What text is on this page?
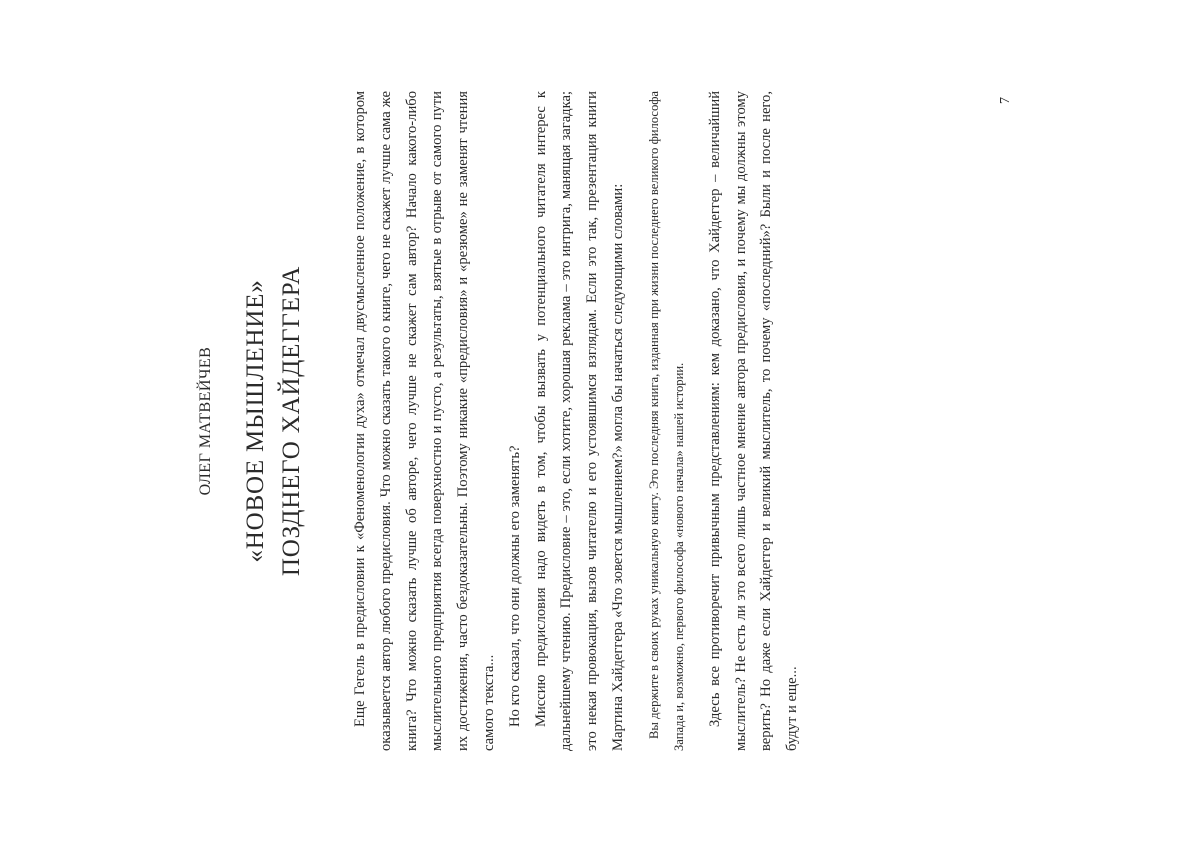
ОЛЕГ МАТВЕЙЧЕВ «НОВОЕ МЫШЛЕНИЕ» ПОЗДНЕГО ХАЙДЕГГЕРА	Еще Гегель в предисловии к «Феноменологии духа» отмечал двусмысленное положение, в котором оказывается автор любого предисловия. Что можно сказать такого о книге, чего не скажет лучше сама же книга? Что можно сказать лучше об авторе, чего лучше не скажет сам автор? Начало какого-либо мыслительного предприятия всегда поверхностно и пусто, а результаты, взятые в отрыве от самого пути их достижения, часто бездоказательны. Поэтому никакие «предисловия» и «резюме» не заменят чтения самого текста... Но кто сказал, что они должны его заменять? Миссию предисловия надо видеть в том, чтобы вызвать у потенциального читателя интерес к дальнейшему чтению. Предисловие – это, если хотите, хорошая реклама – это интрига, манящая загадка; это некая провокация, вызов читателю и его устоявшимся взглядам. Если это так, презентация книги Мартина Хайдеггера «Что зовется мышлением?» могла бы начаться следующими словами:	Вы держите в своих руках уникальную книгу. Это последняя книга, изданная при жизни последнего великого философа Запада и, возможно, первого философа «нового начала» нашей истории.	Здесь все противоречит привычным представлениям: кем доказано, что Хайдеггер – величайший мыслитель? Не есть ли это всего лишь частное мнение автора предисловия, и почему мы должны этому верить? Но даже если Хайдеггер и великий мыслитель, то почему «последний»? Были и после него, будут и еще...

7
